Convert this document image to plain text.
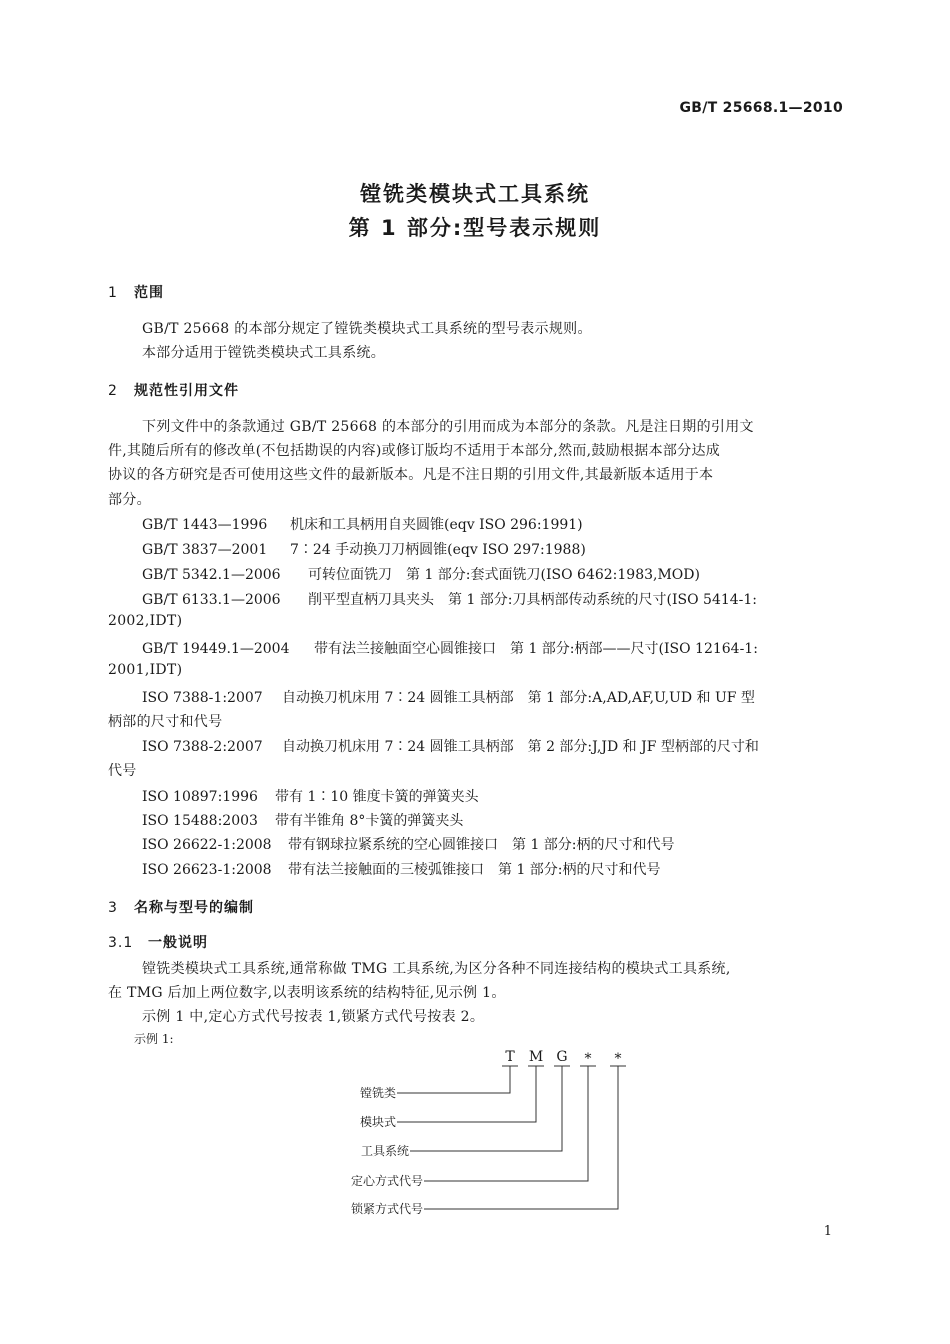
GB/T 25668.1—2010
镗铣类模块式工具系统
第 1 部分:型号表示规则
1 范围
GB/T 25668 的本部分规定了镗铣类模块式工具系统的型号表示规则。
本部分适用于镗铣类模块式工具系统。
2 规范性引用文件
下列文件中的条款通过 GB/T 25668 的本部分的引用而成为本部分的条款。凡是注日期的引用文
件,其随后所有的修改单(不包括勘误的内容)或修订版均不适用于本部分,然而,鼓励根据本部分达成
协议的各方研究是否可使用这些文件的最新版本。凡是不注日期的引用文件,其最新版本适用于本
部分。
GB/T 1443—1996 机床和工具柄用自夹圆锥(eqv ISO 296:1991)
GB/T 3837—2001 7∶24 手动换刀刀柄圆锥(eqv ISO 297:1988)
GB/T 5342.1—2006 可转位面铣刀　第 1 部分:套式面铣刀(ISO 6462:1983,MOD)
GB/T 6133.1—2006 削平型直柄刀具夹头　第 1 部分:刀具柄部传动系统的尺寸(ISO 5414-1:
2002,IDT)
GB/T 19449.1—2004 带有法兰接触面空心圆锥接口　第 1 部分:柄部——尺寸(ISO 12164-1:
2001,IDT)
ISO 7388-1:2007 自动换刀机床用 7∶24 圆锥工具柄部　第 1 部分:A,AD,AF,U,UD 和 UF 型
柄部的尺寸和代号
ISO 7388-2:2007 自动换刀机床用 7∶24 圆锥工具柄部　第 2 部分:J,JD 和 JF 型柄部的尺寸和
代号
ISO 10897:1996 带有 1∶10 锥度卡簧的弹簧夹头
ISO 15488:2003 带有半锥角 8°卡簧的弹簧夹头
ISO 26622-1:2008 带有钢球拉紧系统的空心圆锥接口　第 1 部分:柄的尺寸和代号
ISO 26623-1:2008 带有法兰接触面的三棱弧锥接口　第 1 部分:柄的尺寸和代号
3 名称与型号的编制
3.1 一般说明
镗铣类模块式工具系统,通常称做 TMG 工具系统,为区分各种不同连接结构的模块式工具系统,
在 TMG 后加上两位数字,以表明该系统的结构特征,见示例 1。
示例 1 中,定心方式代号按表 1,锁紧方式代号按表 2。
示例 1:
T M G * *
镗铣类
模块式
工具系统
定心方式代号
锁紧方式代号
1
